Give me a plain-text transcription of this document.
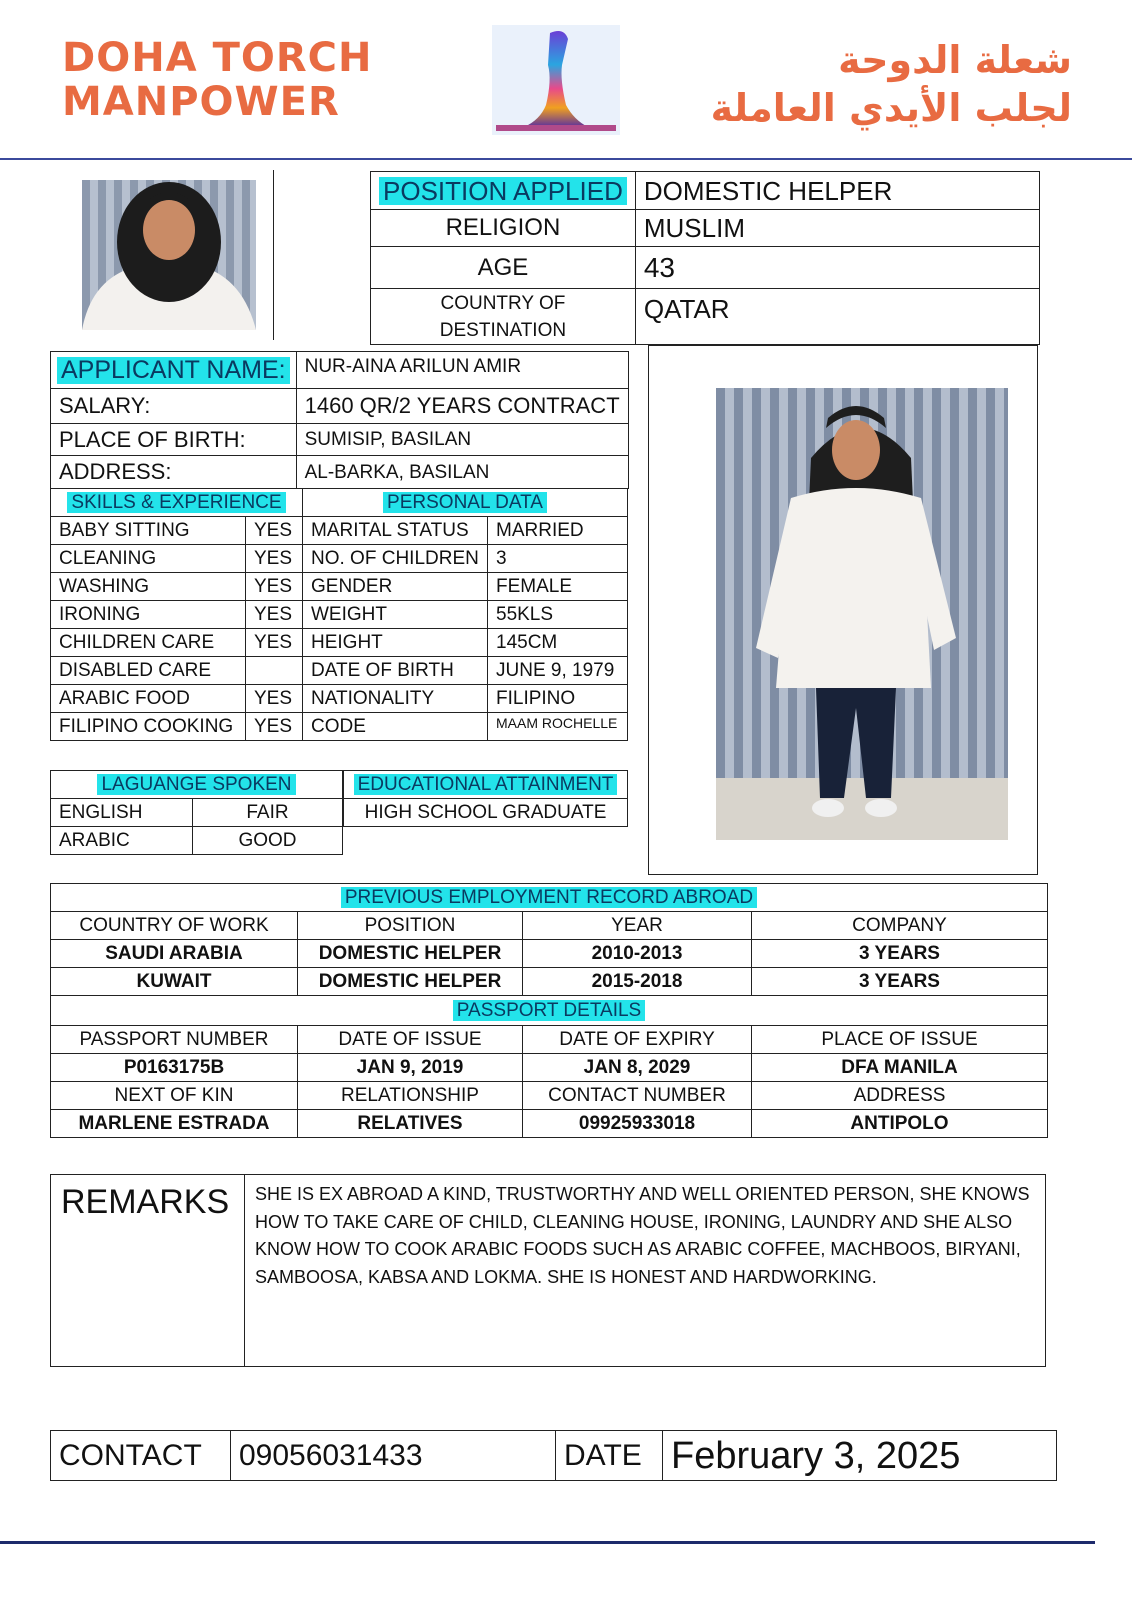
DOHA TORCH
MANPOWER
شعلة الدوحة
لجلب الأيدي العاملة
POSITION APPLIED	DOMESTIC HELPER
RELIGION	MUSLIM
AGE	43
COUNTRY OF DESTINATION	QATAR
APPLICANT NAME:	NUR-AINA ARILUN AMIR
SALARY:	1460 QR/2 YEARS CONTRACT
PLACE OF BIRTH:	SUMISIP, BASILAN
ADDRESS:	AL-BARKA, BASILAN
SKILLS & EXPERIENCE		PERSONAL DATA	
BABY SITTING	YES	MARITAL STATUS	MARRIED
CLEANING	YES	NO. OF CHILDREN	3
WASHING	YES	GENDER	FEMALE
IRONING	YES	WEIGHT	55KLS
CHILDREN CARE	YES	HEIGHT	145CM
DISABLED CARE		DATE OF BIRTH	JUNE 9, 1979
ARABIC FOOD	YES	NATIONALITY	FILIPINO
FILIPINO COOKING	YES	CODE	MAAM ROCHELLE
LAGUANGE SPOKEN	
ENGLISH	FAIR
ARABIC	GOOD
EDUCATIONAL ATTAINMENT
HIGH SCHOOL GRADUATE
PREVIOUS EMPLOYMENT RECORD ABROAD			
COUNTRY OF WORK	POSITION	YEAR	COMPANY
SAUDI ARABIA	DOMESTIC HELPER	2010-2013	3 YEARS
KUWAIT	DOMESTIC HELPER	2015-2018	3 YEARS
PASSPORT DETAILS			
PASSPORT NUMBER	DATE OF ISSUE	DATE OF EXPIRY	PLACE OF ISSUE
P0163175B	JAN 9, 2019	JAN 8, 2029	DFA MANILA
NEXT OF KIN	RELATIONSHIP	CONTACT NUMBER	ADDRESS
MARLENE ESTRADA	RELATIVES	09925933018	ANTIPOLO
REMARKS	SHE IS EX ABROAD A KIND, TRUSTWORTHY AND WELL ORIENTED PERSON, SHE KNOWS
HOW TO TAKE CARE OF CHILD, CLEANING HOUSE, IRONING, LAUNDRY AND SHE ALSO
KNOW HOW TO COOK ARABIC FOODS SUCH AS ARABIC COFFEE, MACHBOOS, BIRYANI,
SAMBOOSA, KABSA AND LOKMA. SHE IS HONEST AND HARDWORKING.
CONTACT	09056031433	DATE	February 3, 2025
